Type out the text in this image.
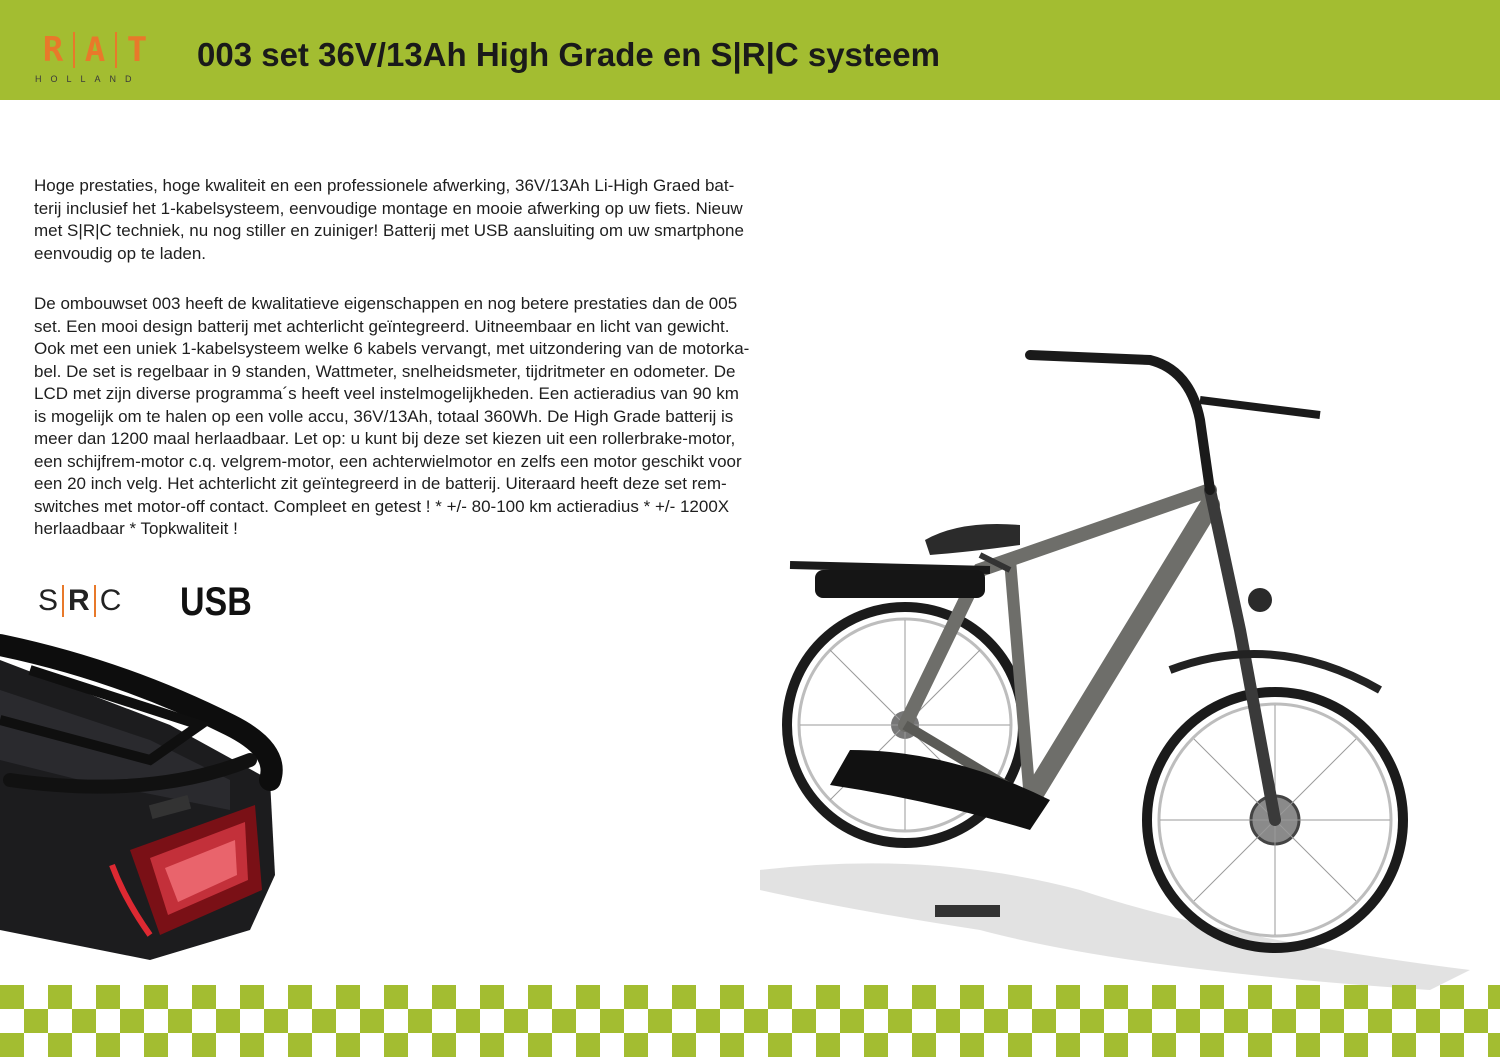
R A T
HOLLAND
003 set 36V/13Ah High Grade en S|R|C systeem
Hoge prestaties, hoge kwaliteit en een professionele afwerking, 36V/13Ah Li-High Graed bat-
terij inclusief het 1-kabelsysteem, eenvoudige montage en mooie afwerking op uw fiets. Nieuw
met S|R|C techniek, nu nog stiller en zuiniger! Batterij met USB aansluiting om uw smartphone
eenvoudig op te laden.
De ombouwset 003 heeft de kwalitatieve eigenschappen en nog betere prestaties dan de 005
set. Een mooi design batterij met achterlicht geïntegreerd. Uitneembaar en licht van gewicht.
Ook met een uniek 1-kabelsysteem welke 6 kabels vervangt, met uitzondering van de motorka-
bel. De set is regelbaar in 9 standen, Wattmeter, snelheidsmeter, tijdritmeter en odometer. De
LCD met zijn diverse programma´s heeft veel instelmogelijkheden. Een actieradius van 90 km
is mogelijk om te halen op een volle accu, 36V/13Ah, totaal 360Wh. De High Grade batterij is
meer dan 1200 maal herlaadbaar. Let op: u kunt bij deze set kiezen uit een rollerbrake-motor,
een schijfrem-motor c.q. velgrem-motor, een achterwielmotor en zelfs een motor geschikt voor
een 20 inch velg. Het achterlicht zit geïntegreerd in de batterij. Uiteraard heeft deze set rem-
switches met motor-off contact. Compleet en getest ! * +/- 80-100 km actieradius * +/- 1200X
herlaadbaar * Topkwaliteit !
S R C USB
